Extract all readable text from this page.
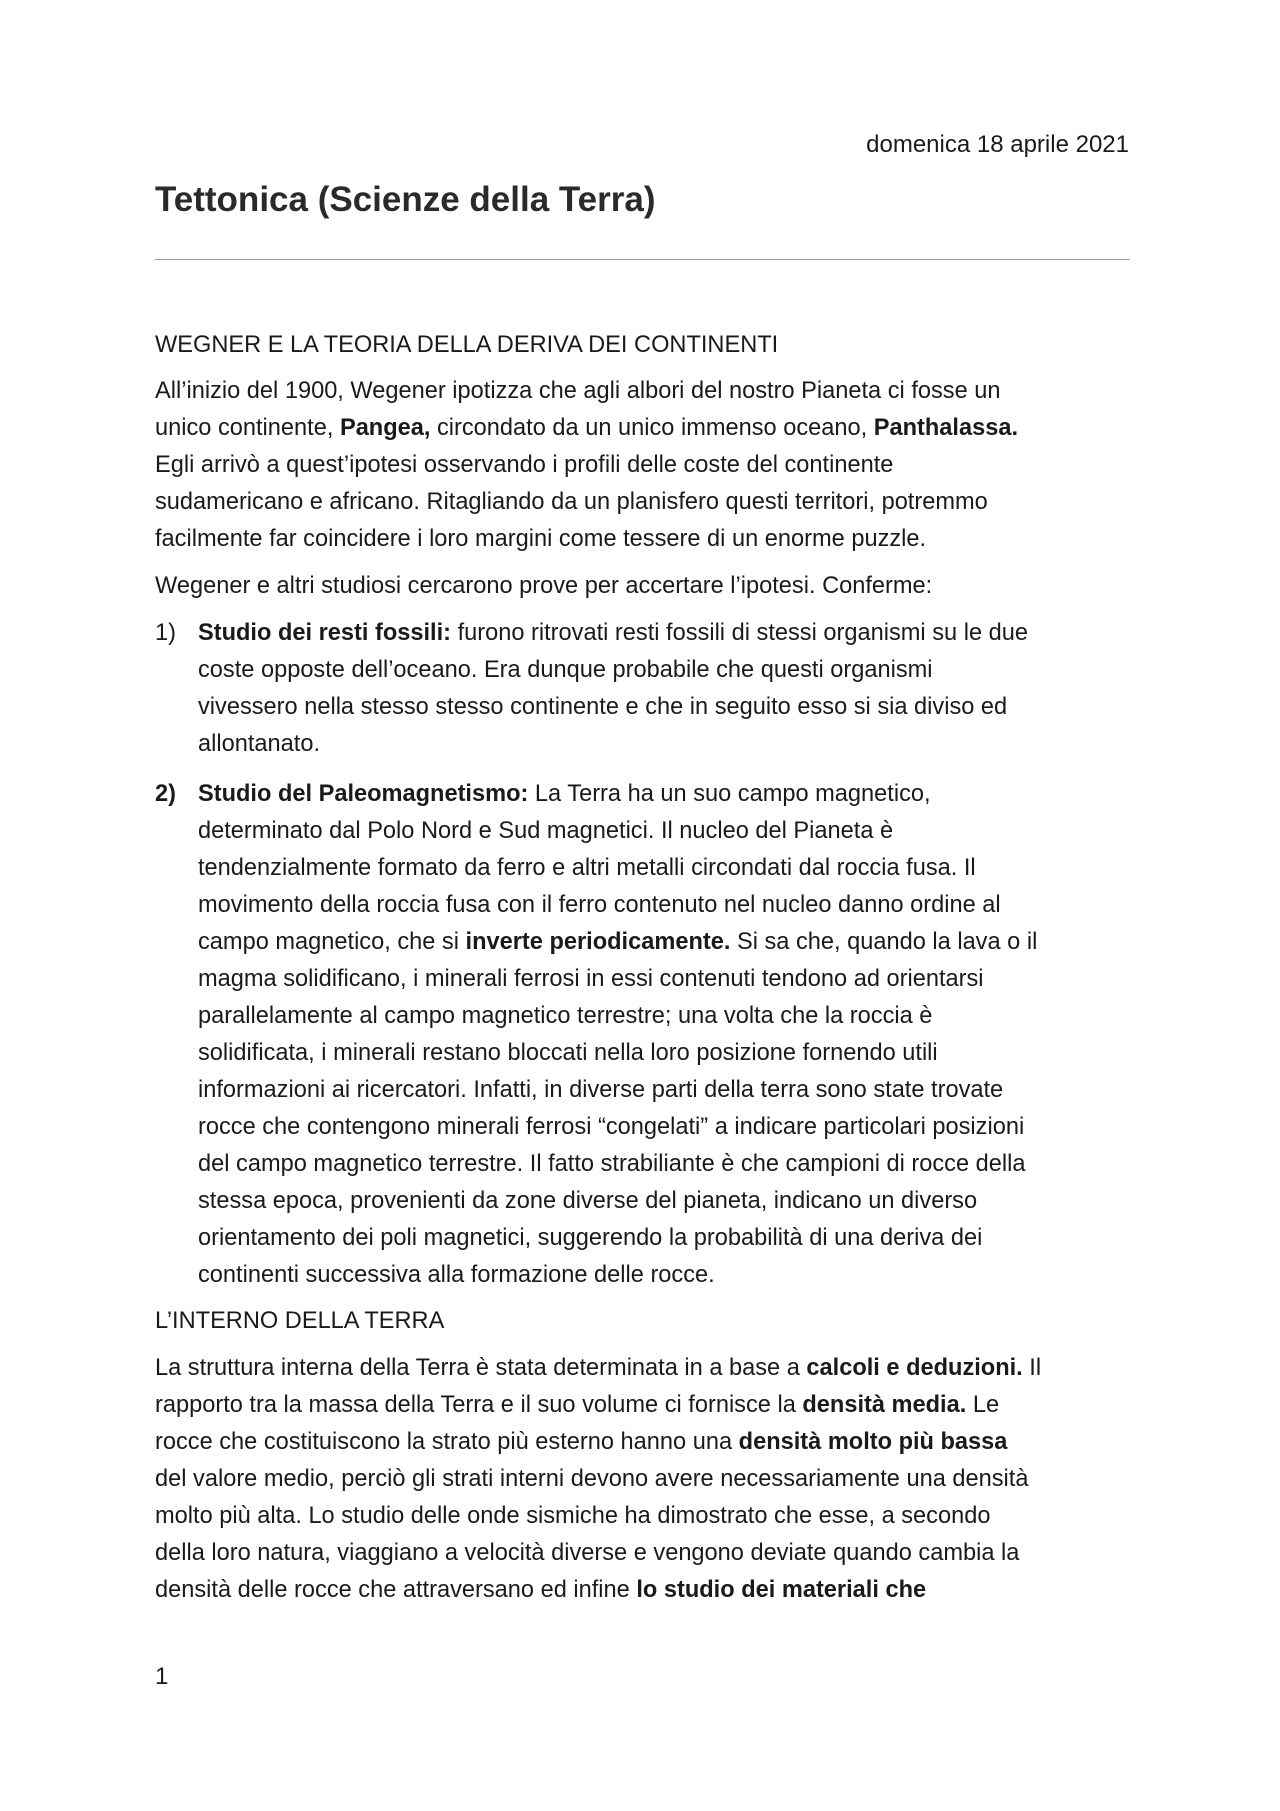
domenica 18 aprile 2021
Tettonica (Scienze della Terra)
WEGNER E LA TEORIA DELLA DERIVA DEI CONTINENTI
All’inizio del 1900, Wegener ipotizza che agli albori del nostro Pianeta ci fosse un
unico continente, Pangea, circondato da un unico immenso oceano, Panthalassa.
Egli arrivò a quest’ipotesi osservando i profili delle coste del continente
sudamericano e africano. Ritagliando da un planisfero questi territori, potremmo
facilmente far coincidere i loro margini come tessere di un enorme puzzle.
Wegener e altri studiosi cercarono prove per accertare l’ipotesi. Conferme:
1) Studio dei resti fossili: furono ritrovati resti fossili di stessi organismi su le due
coste opposte dell’oceano. Era dunque probabile che questi organismi
vivessero nella stesso stesso continente e che in seguito esso si sia diviso ed
allontanato.
2) Studio del Paleomagnetismo: La Terra ha un suo campo magnetico,
determinato dal Polo Nord e Sud magnetici. Il nucleo del Pianeta è
tendenzialmente formato da ferro e altri metalli circondati dal roccia fusa. Il
movimento della roccia fusa con il ferro contenuto nel nucleo danno ordine al
campo magnetico, che si inverte periodicamente. Si sa che, quando la lava o il
magma solidificano, i minerali ferrosi in essi contenuti tendono ad orientarsi
parallelamente al campo magnetico terrestre; una volta che la roccia è
solidificata, i minerali restano bloccati nella loro posizione fornendo utili
informazioni ai ricercatori. Infatti, in diverse parti della terra sono state trovate
rocce che contengono minerali ferrosi “congelati” a indicare particolari posizioni
del campo magnetico terrestre. Il fatto strabiliante è che campioni di rocce della
stessa epoca, provenienti da zone diverse del pianeta, indicano un diverso
orientamento dei poli magnetici, suggerendo la probabilità di una deriva dei
continenti successiva alla formazione delle rocce.
L’INTERNO DELLA TERRA
La struttura interna della Terra è stata determinata in a base a calcoli e deduzioni. Il
rapporto tra la massa della Terra e il suo volume ci fornisce la densità media. Le
rocce che costituiscono la strato più esterno hanno una densità molto più bassa
del valore medio, perciò gli strati interni devono avere necessariamente una densità
molto più alta. Lo studio delle onde sismiche ha dimostrato che esse, a secondo
della loro natura, viaggiano a velocità diverse e vengono deviate quando cambia la
densità delle rocce che attraversano ed infine lo studio dei materiali che
1
